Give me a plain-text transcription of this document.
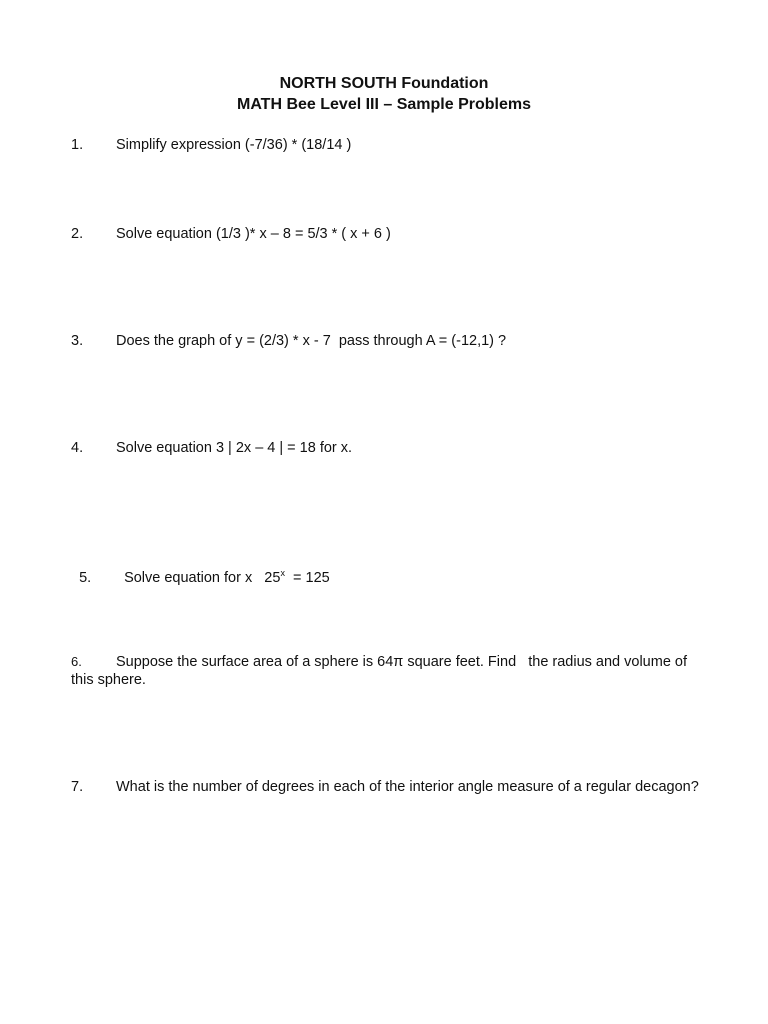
NORTH SOUTH Foundation
MATH Bee Level III – Sample Problems
1. Simplify expression (-7/36) * (18/14 )
2. Solve equation (1/3 )* x – 8 = 5/3 * ( x + 6 )
3. Does the graph of y = (2/3) * x - 7  pass through A = (-12,1) ?
4. Solve equation 3 | 2x – 4 | = 18 for x.

5. Solve equation for x   25$^x$  = 125

6. Suppose the surface area of a sphere is 64π square feet. Find   the radius and volume of this sphere.
7. What is the number of degrees in each of the interior angle measure of a regular decagon?
